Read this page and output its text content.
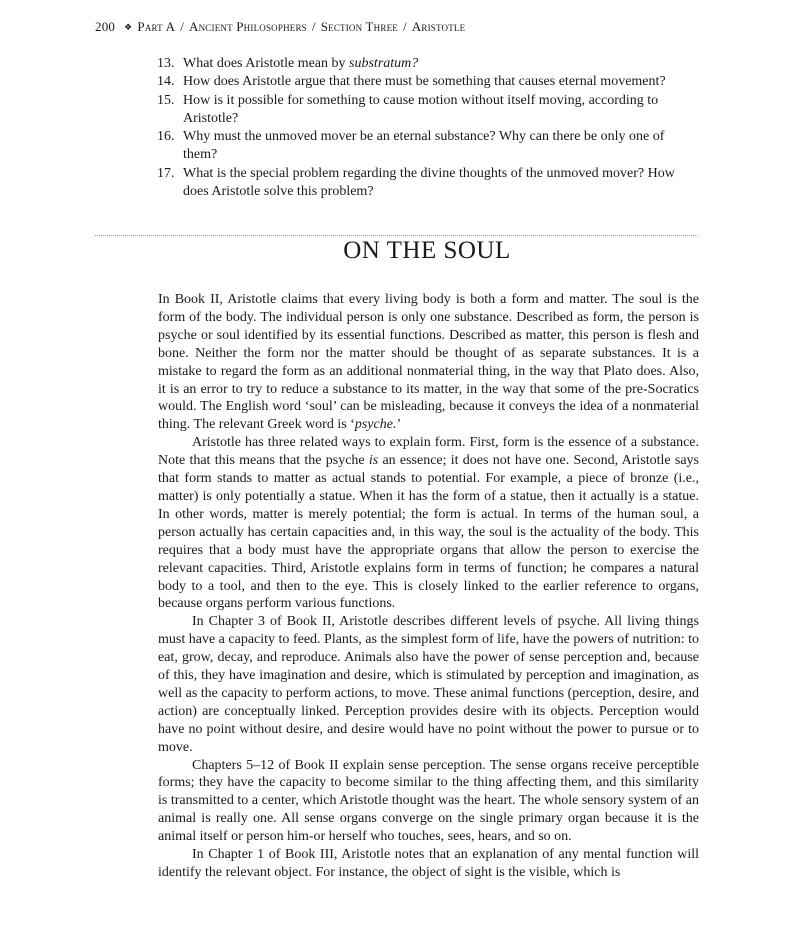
200 ❖ Part A / Ancient Philosophers / Section Three / Aristotle
13. What does Aristotle mean by substratum?
14. How does Aristotle argue that there must be something that causes eternal movement?
15. How is it possible for something to cause motion without itself moving, according to Aristotle?
16. Why must the unmoved mover be an eternal substance? Why can there be only one of them?
17. What is the special problem regarding the divine thoughts of the unmoved mover? How does Aristotle solve this problem?
ON THE SOUL

In Book II, Aristotle claims that every living body is both a form and matter. The soul is the form of the body. The individual person is only one substance. Described as form, the person is psyche or soul identified by its essential functions. Described as matter, this person is flesh and bone. Neither the form nor the matter should be thought of as separate substances. It is a mistake to regard the form as an additional nonmaterial thing, in the way that Plato does. Also, it is an error to try to reduce a substance to its matter, in the way that some of the pre-Socratics would. The English word ‘soul’ can be misleading, because it conveys the idea of a nonmaterial thing. The relevant Greek word is ‘psyche.’

Aristotle has three related ways to explain form. First, form is the essence of a substance. Note that this means that the psyche is an essence; it does not have one. Second, Aristotle says that form stands to matter as actual stands to potential. For example, a piece of bronze (i.e., matter) is only potentially a statue. When it has the form of a statue, then it actually is a statue. In other words, matter is merely potential; the form is actual. In terms of the human soul, a person actually has certain capacities and, in this way, the soul is the actuality of the body. This requires that a body must have the appropriate organs that allow the person to exercise the relevant capacities. Third, Aristotle explains form in terms of function; he compares a natural body to a tool, and then to the eye. This is closely linked to the earlier reference to organs, because organs perform various functions.

In Chapter 3 of Book II, Aristotle describes different levels of psyche. All living things must have a capacity to feed. Plants, as the simplest form of life, have the powers of nutrition: to eat, grow, decay, and reproduce. Animals also have the power of sense perception and, because of this, they have imagination and desire, which is stimulated by perception and imagination, as well as the capacity to perform actions, to move. These animal functions (perception, desire, and action) are conceptually linked. Perception provides desire with its objects. Perception would have no point without desire, and desire would have no point without the power to pursue or to move.

Chapters 5–12 of Book II explain sense perception. The sense organs receive perceptible forms; they have the capacity to become similar to the thing affecting them, and this similarity is transmitted to a center, which Aristotle thought was the heart. The whole sensory system of an animal is really one. All sense organs converge on the single primary organ because it is the animal itself or person him-or herself who touches, sees, hears, and so on.

In Chapter 1 of Book III, Aristotle notes that an explanation of any mental function will identify the relevant object. For instance, the object of sight is the visible, which is
